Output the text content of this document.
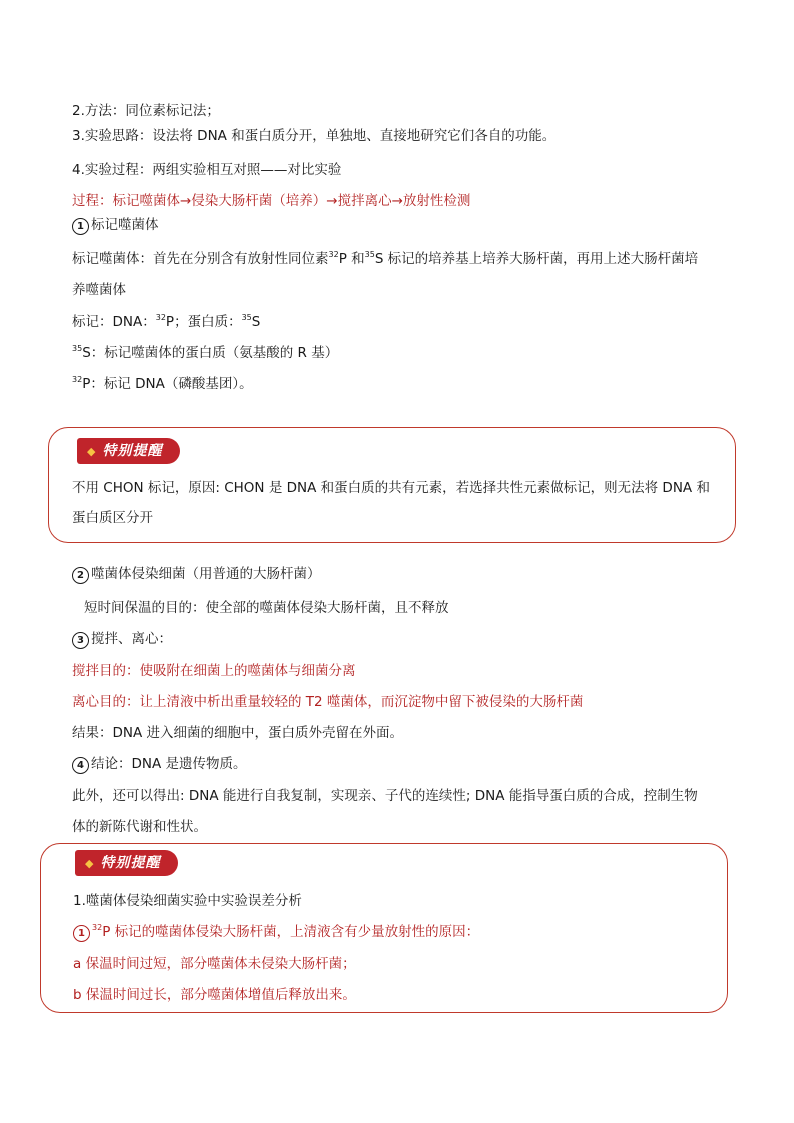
2.方法：同位素标记法；
3.实验思路：设法将 DNA 和蛋白质分开，单独地、直接地研究它们各自的功能。
4.实验过程：两组实验相互对照——对比实验
过程：标记噬菌体→侵染大肠杆菌（培养）→搅拌离心→放射性检测
1 标记噬菌体
标记噬菌体：首先在分别含有放射性同位素$^{32}$P 和$^{35}$S 标记的培养基上培养大肠杆菌，再用上述大肠杆菌培
养噬菌体
标记：DNA：$^{32}$P；蛋白质：$^{35}$S
$^{35}$S：标记噬菌体的蛋白质（氨基酸的 R 基）
$^{32}$P：标记 DNA（磷酸基团）。
◆ 特别提醒
不用 CHON 标记，原因: CHON 是 DNA 和蛋白质的共有元素，若选择共性元素做标记，则无法将 DNA 和
蛋白质区分开
2 噬菌体侵染细菌（用普通的大肠杆菌）
短时间保温的目的：使全部的噬菌体侵染大肠杆菌，且不释放
3 搅拌、离心：
搅拌目的：使吸附在细菌上的噬菌体与细菌分离
离心目的：让上清液中析出重量较轻的 T2 噬菌体，而沉淀物中留下被侵染的大肠杆菌
结果：DNA 进入细菌的细胞中，蛋白质外壳留在外面。
4 结论：DNA 是遗传物质。
此外，还可以得出: DNA 能进行自我复制，实现亲、子代的连续性; DNA 能指导蛋白质的合成，控制生物
体的新陈代谢和性状。
◆ 特别提醒
1.噬菌体侵染细菌实验中实验误差分析
$1^{32}P$ 标记的噬菌体侵染大肠杆菌，上清液含有少量放射性的原因：
a 保温时间过短，部分噬菌体未侵染大肠杆菌；
b 保温时间过长，部分噬菌体增值后释放出来。
